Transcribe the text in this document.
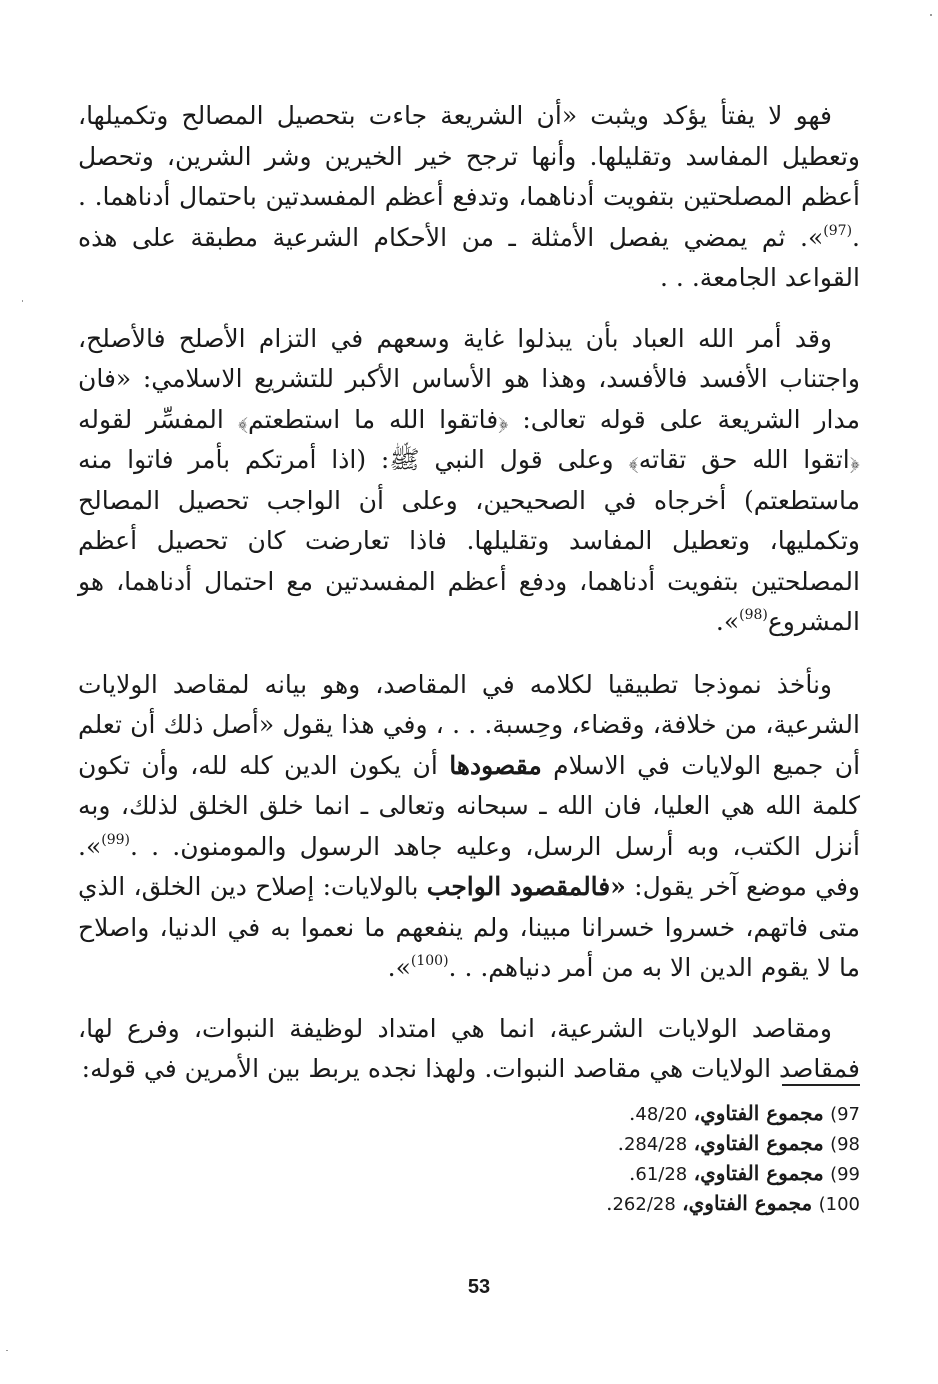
فهو لا يفتأ يؤكد ويثبت «أن الشريعة جاءت بتحصيل المصالح وتكميلها، وتعطيل المفاسد وتقليلها. وأنها ترجح خير الخيرين وشر الشرين، وتحصل أعظم المصلحتين بتفويت أدناهما، وتدفع أعظم المفسدتين باحتمال أدناهما. . .$^{(97)}$». ثم يمضي يفصل الأمثلة ـ من الأحكام الشرعية مطبقة على هذه القواعد الجامعة. . .

وقد أمر الله العباد بأن يبذلوا غاية وسعهم في التزام الأصلح فالأصلح، واجتناب الأفسد فالأفسد، وهذا هو الأساس الأكبر للتشريع الاسلامي: «فان مدار الشريعة على قوله تعالى: ﴿فاتقوا الله ما استطعتم﴾ المفسِّر لقوله ﴿اتقوا الله حق تقاته﴾ وعلى قول النبي ﷺ: (اذا أمرتكم بأمر فاتوا منه ماستطعتم) أخرجاه في الصحيحين، وعلى أن الواجب تحصيل المصالح وتكمليها، وتعطيل المفاسد وتقليلها. فاذا تعارضت كان تحصيل أعظم المصلحتين بتفويت أدناهما، ودفع أعظم المفسدتين مع احتمال أدناهما، هو المشروع$^{(98)}$».

ونأخذ نموذجا تطبيقيا لكلامه في المقاصد، وهو بيانه لمقاصد الولايات الشرعية، من خلافة، وقضاء، وحِسبة. . . ، وفي هذا يقول «أصل ذلك أن تعلم أن جميع الولايات في الاسلام مقصودها أن يكون الدين كله لله، وأن تكون كلمة الله هي العليا، فان الله ـ سبحانه وتعالى ـ انما خلق الخلق لذلك، وبه أنزل الكتب، وبه أرسل الرسل، وعليه جاهد الرسول والمومنون. . .$^{(99)}$». وفي موضع آخر يقول: «فالمقصود الواجب بالولايات: إصلاح دين الخلق، الذي متى فاتهم، خسروا خسرانا مبينا، ولم ينفعهم ما نعموا به في الدنيا، واصلاح ما لا يقوم الدين الا به من أمر دنياهم. . .$^{(100)}$».

ومقاصد الولايات الشرعية، انما هي امتداد لوظيفة النبوات، وفرع لها، فمقاصد الولايات هي مقاصد النبوات. ولهذا نجده يربط بين الأمرين في قوله:

97) مجموع الفتاوي، 48/20.
98) مجموع الفتاوي، 284/28.
99) مجموع الفتاوي، 61/28.
100) مجموع الفتاوي، 262/28.
53
